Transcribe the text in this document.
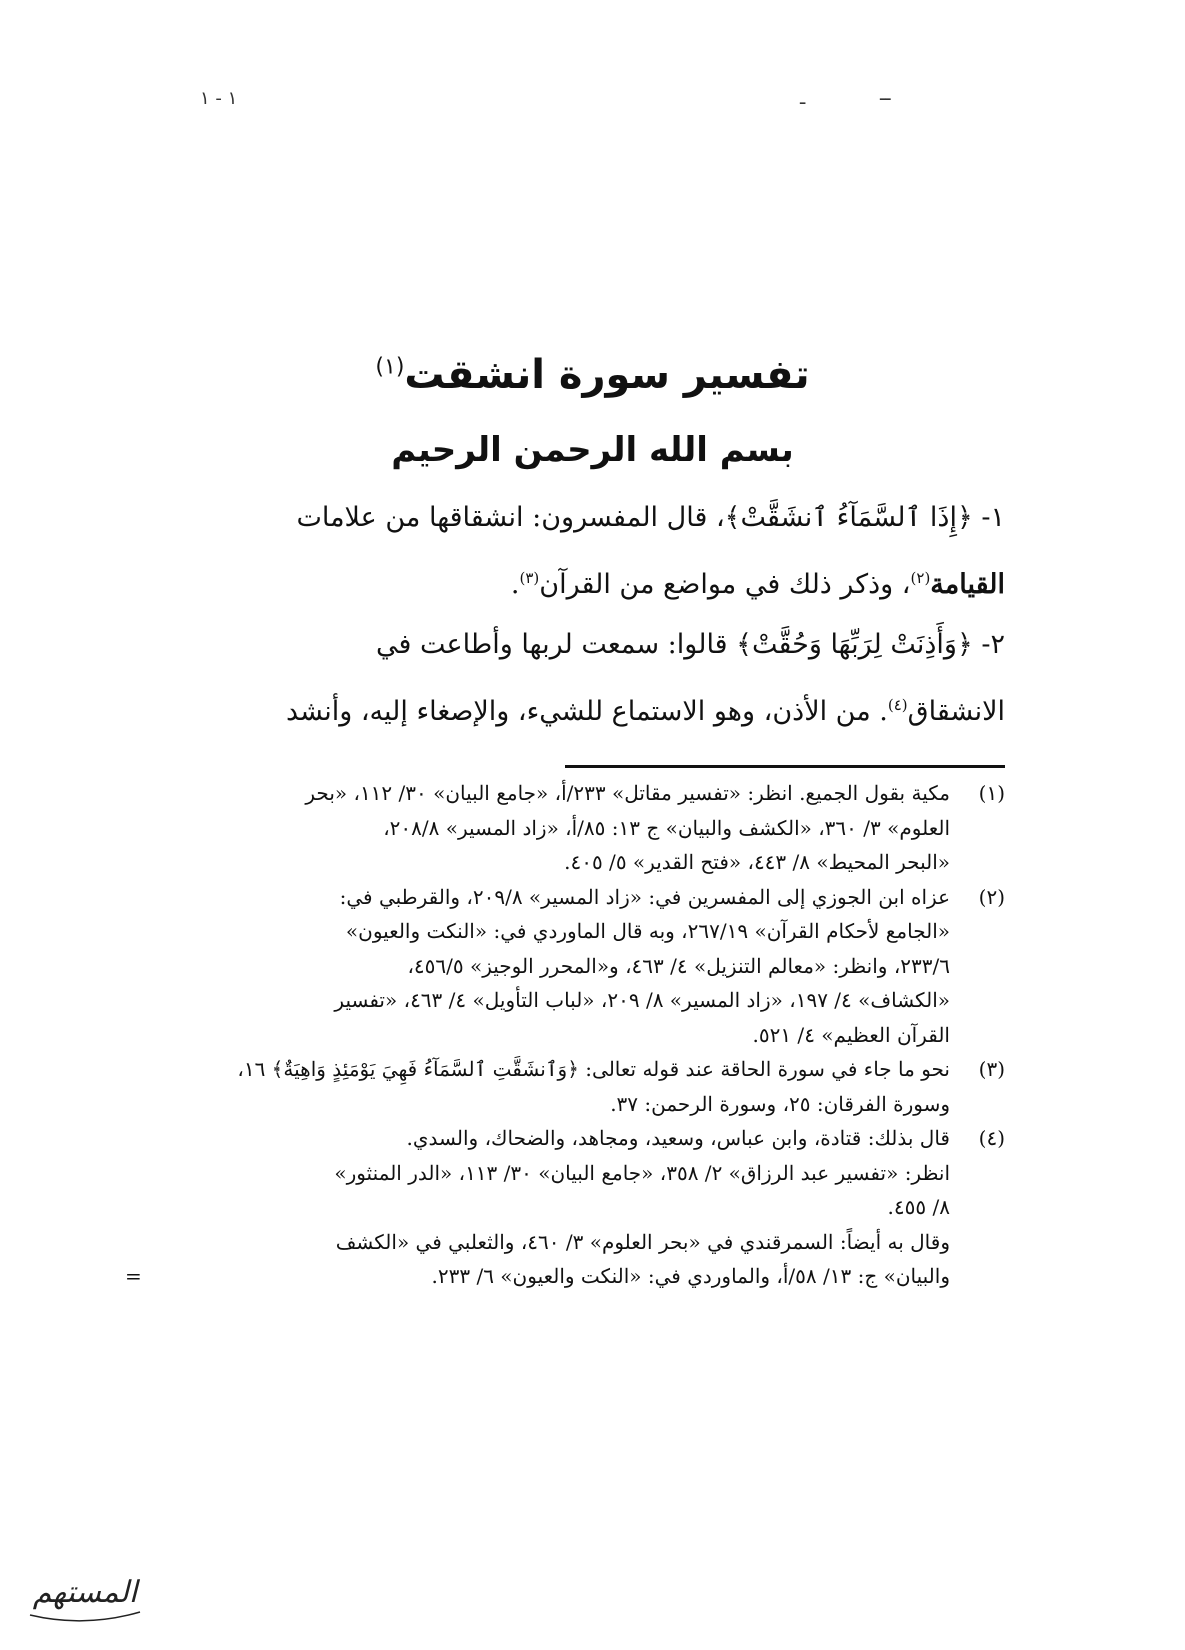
١ - ١	ـ	ــ
تفسير سورة انشقت$^{(١)}$
بسم الله الرحمن الرحيم

١- ﴿إِذَا ٱلسَّمَآءُ ٱنشَقَّتْ﴾، قال المفسرون: انشقاقها من علامات
القيامة$^{(٢)}$، وذكر ذلك في مواضع من القرآن$^{(٣)}$.

٢- ﴿وَأَذِنَتْ لِرَبِّهَا وَحُقَّتْ﴾ قالوا: سمعت لربها وأطاعت في
الانشقاق$^{(٤)}$. من الأذن، وهو الاستماع للشيء، والإصغاء إليه، وأنشد

(١)
مكية بقول الجميع. انظر: «تفسير مقاتل» ٢٣٣/أ، «جامع البيان» ٣٠/ ١١٢، «بحر
العلوم» ٣/ ٣٦٠، «الكشف والبيان» ج ١٣: ٨٥/أ، «زاد المسير» ٢٠٨/٨،
«البحر المحيط» ٨/ ٤٤٣، «فتح القدير» ٥/ ٤٠٥.
(٢)
عزاه ابن الجوزي إلى المفسرين في: «زاد المسير» ٢٠٩/٨، والقرطبي في:
«الجامع لأحكام القرآن» ٢٦٧/١٩، وبه قال الماوردي في: «النكت والعيون»
٢٣٣/٦، وانظر: «معالم التنزيل» ٤/ ٤٦٣، و«المحرر الوجيز» ٤٥٦/٥،
«الكشاف» ٤/ ١٩٧، «زاد المسير» ٨/ ٢٠٩، «لباب التأويل» ٤/ ٤٦٣، «تفسير
القرآن العظيم» ٤/ ٥٢١.
(٣)
نحو ما جاء في سورة الحاقة عند قوله تعالى: ﴿وَٱنشَقَّتِ ٱلسَّمَآءُ فَهِيَ يَوْمَئِذٍ وَاهِيَةٌ﴾ ١٦،
وسورة الفرقان: ٢٥، وسورة الرحمن: ٣٧.
(٤)
قال بذلك: قتادة، وابن عباس، وسعيد، ومجاهد، والضحاك، والسدي.
انظر: «تفسير عبد الرزاق» ٢/ ٣٥٨، «جامع البيان» ٣٠/ ١١٣، «الدر المنثور»
٨/ ٤٥٥.
وقال به أيضاً: السمرقندي في «بحر العلوم» ٣/ ٤٦٠، والثعلبي في «الكشف
والبيان» ج: ١٣/ ٥٨/أ، والماوردي في: «النكت والعيون» ٦/ ٢٣٣.
=
المستهم
